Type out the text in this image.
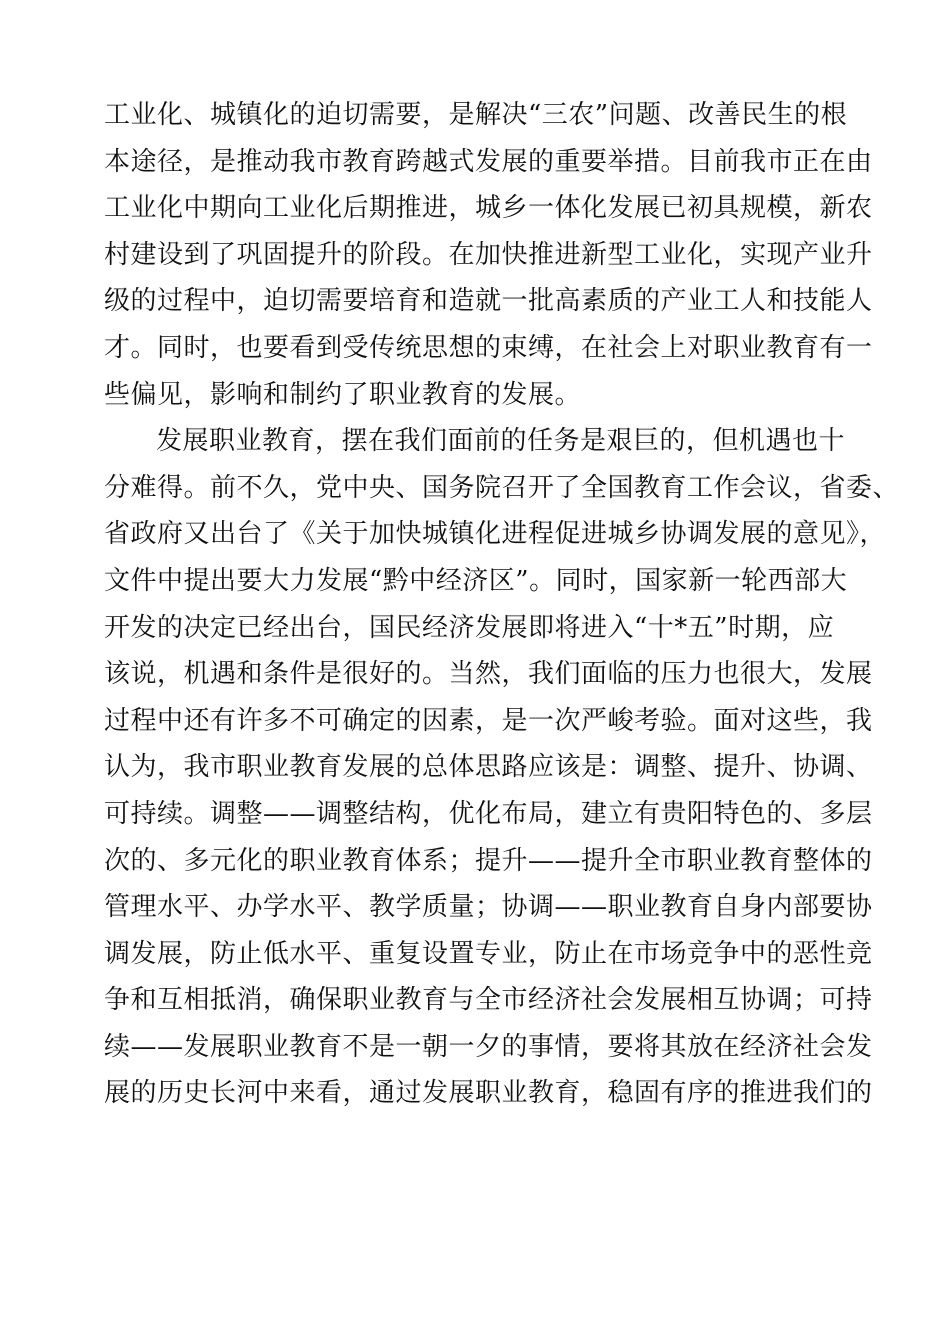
工业化、城镇化的迫切需要，是解决“三农”问题、改善民生的根
本途径，是推动我市教育跨越式发展的重要举措。目前我市正在由
工业化中期向工业化后期推进，城乡一体化发展已初具规模，新农
村建设到了巩固提升的阶段。在加快推进新型工业化，实现产业升
级的过程中，迫切需要培育和造就一批高素质的产业工人和技能人
才。同时，也要看到受传统思想的束缚，在社会上对职业教育有一
些偏见，影响和制约了职业教育的发展。
发展职业教育，摆在我们面前的任务是艰巨的，但机遇也十
分难得。前不久，党中央、国务院召开了全国教育工作会议，省委、
省政府又出台了《关于加快城镇化进程促进城乡协调发展的意见》，
文件中提出要大力发展“黔中经济区”。同时，国家新一轮西部大
开发的决定已经出台，国民经济发展即将进入“十*五”时期，应
该说，机遇和条件是很好的。当然，我们面临的压力也很大，发展
过程中还有许多不可确定的因素，是一次严峻考验。面对这些，我
认为，我市职业教育发展的总体思路应该是：调整、提升、协调、
可持续。调整——调整结构，优化布局，建立有贵阳特色的、多层
次的、多元化的职业教育体系；提升——提升全市职业教育整体的
管理水平、办学水平、教学质量；协调——职业教育自身内部要协
调发展，防止低水平、重复设置专业，防止在市场竞争中的恶性竞
争和互相抵消，确保职业教育与全市经济社会发展相互协调；可持
续——发展职业教育不是一朝一夕的事情，要将其放在经济社会发
展的历史长河中来看，通过发展职业教育，稳固有序的推进我们的
